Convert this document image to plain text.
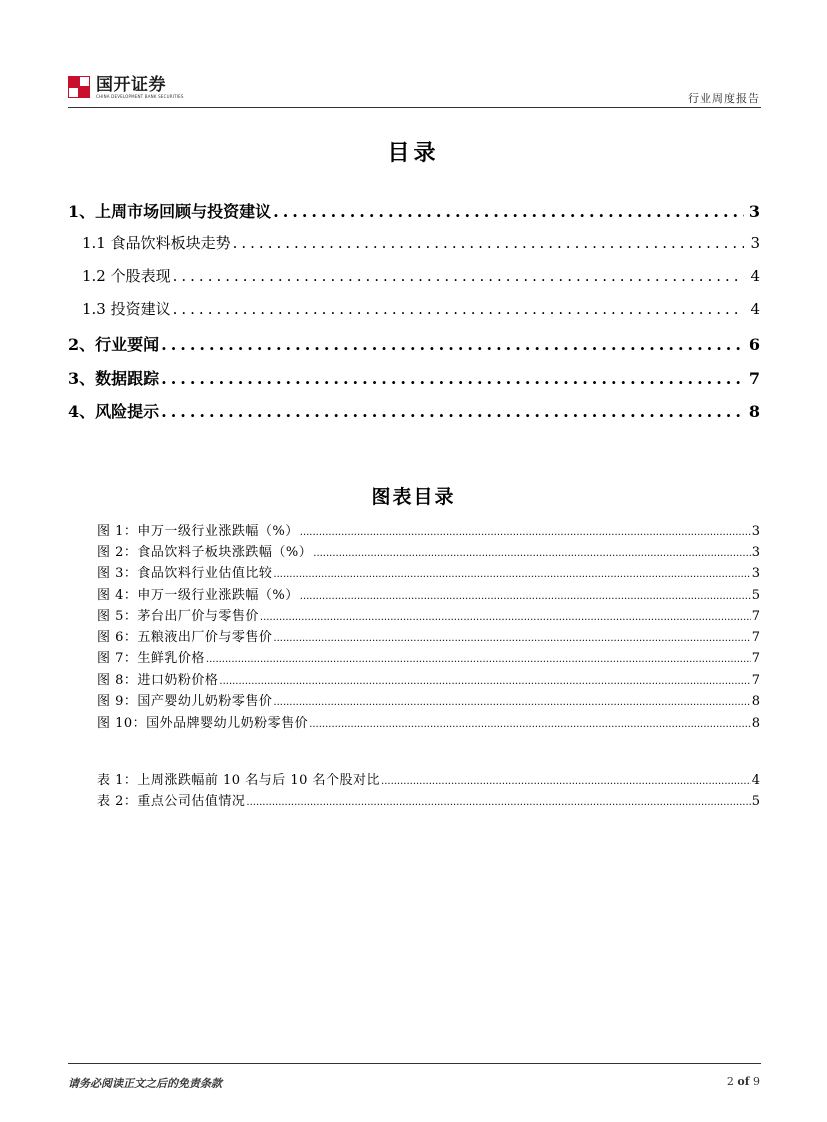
国开证券
CHINA DEVELOPMENT BANK SECURITIES	行业周度报告
目录
1、上周市场回顾与投资建议 .....	3
1.1 食品饮料板块走势 .....	3
1.2 个股表现 .....	4
1.3 投资建议 .....	4
2、行业要闻 .....	6
3、数据跟踪 .....	7
4、风险提示 .....	8
图表目录
图 1：申万一级行业涨跌幅（%） .....	3
图 2：食品饮料子板块涨跌幅（%） .....	3
图 3：食品饮料行业估值比较 .....	3
图 4：申万一级行业涨跌幅（%） .....	5
图 5：茅台出厂价与零售价 .....	7
图 6：五粮液出厂价与零售价 .....	7
图 7：生鲜乳价格 .....	7
图 8：进口奶粉价格 .....	7
图 9：国产婴幼儿奶粉零售价 .....	8
图 10：国外品牌婴幼儿奶粉零售价 .....	8
表 1：上周涨跌幅前 10 名与后 10 名个股对比 .....	4
表 2：重点公司估值情况 .....	5
请务必阅读正文之后的免责条款	2 of 9
